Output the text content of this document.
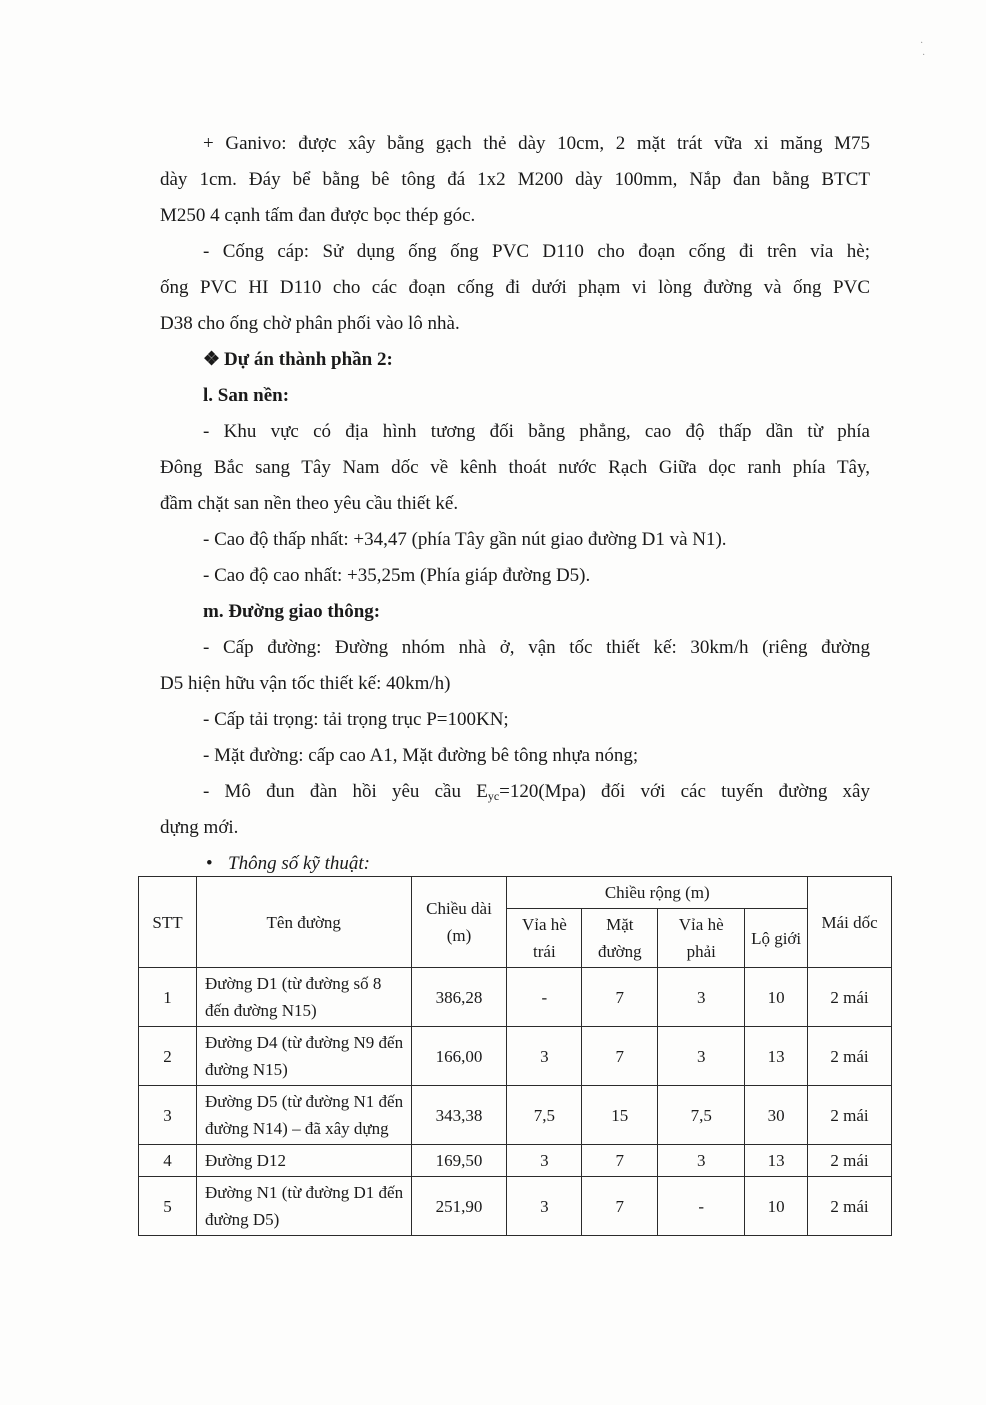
·
·

+ Ganivo: được xây bằng gạch thẻ dày 10cm, 2 mặt trát vữa xi măng M75

dày 1cm. Đáy bể bằng bê tông đá 1x2 M200 dày 100mm, Nắp đan bằng BTCT

M250 4 cạnh tấm đan được bọc thép góc.

- Cống cáp: Sử dụng ống ống PVC D110 cho đoạn cống đi trên vỉa hè;

ống PVC HI D110 cho các đoạn cống đi dưới phạm vi lòng đường và ống PVC

D38 cho ống chờ phân phối vào lô nhà.

❖ Dự án thành phần 2:

l. San nền:

- Khu vực có địa hình tương đối bằng phẳng, cao độ thấp dần từ phía

Đông Bắc sang Tây Nam dốc về kênh thoát nước Rạch Giữa dọc ranh phía Tây,

đầm chặt san nền theo yêu cầu thiết kế.

- Cao độ thấp nhất: +34,47 (phía Tây gần nút giao đường D1 và N1).

- Cao độ cao nhất: +35,25m (Phía giáp đường D5).

m. Đường giao thông:

- Cấp đường: Đường nhóm nhà ở, vận tốc thiết kế: 30km/h (riêng đường

D5 hiện hữu vận tốc thiết kế: 40km/h)

- Cấp tải trọng: tải trọng trục P=100KN;

- Mặt đường: cấp cao A1, Mặt đường bê tông nhựa nóng;

- Mô đun đàn hồi yêu cầu $E_{yc}=120(Mpa)$ đối với các tuyến đường xây

dựng mới.

• Thông số kỹ thuật:

STT	Tên đường	Chiều dài (m)	Chiều rộng (m)				Mái dốc
			Vỉa hè trái	Mặt đường	Vỉa hè phải	Lộ giới	
1	Đường D1 (từ đường số 8 đến đường N15)	386,28	-	7	3	10	2 mái
2	Đường D4 (từ đường N9 đến đường N15)	166,00	3	7	3	13	2 mái
3	Đường D5 (từ đường N1 đến đường N14) – đã xây dựng	343,38	7,5	15	7,5	30	2 mái
4	Đường D12	169,50	3	7	3	13	2 mái
5	Đường N1 (từ đường D1 đến đường D5)	251,90	3	7	-	10	2 mái
